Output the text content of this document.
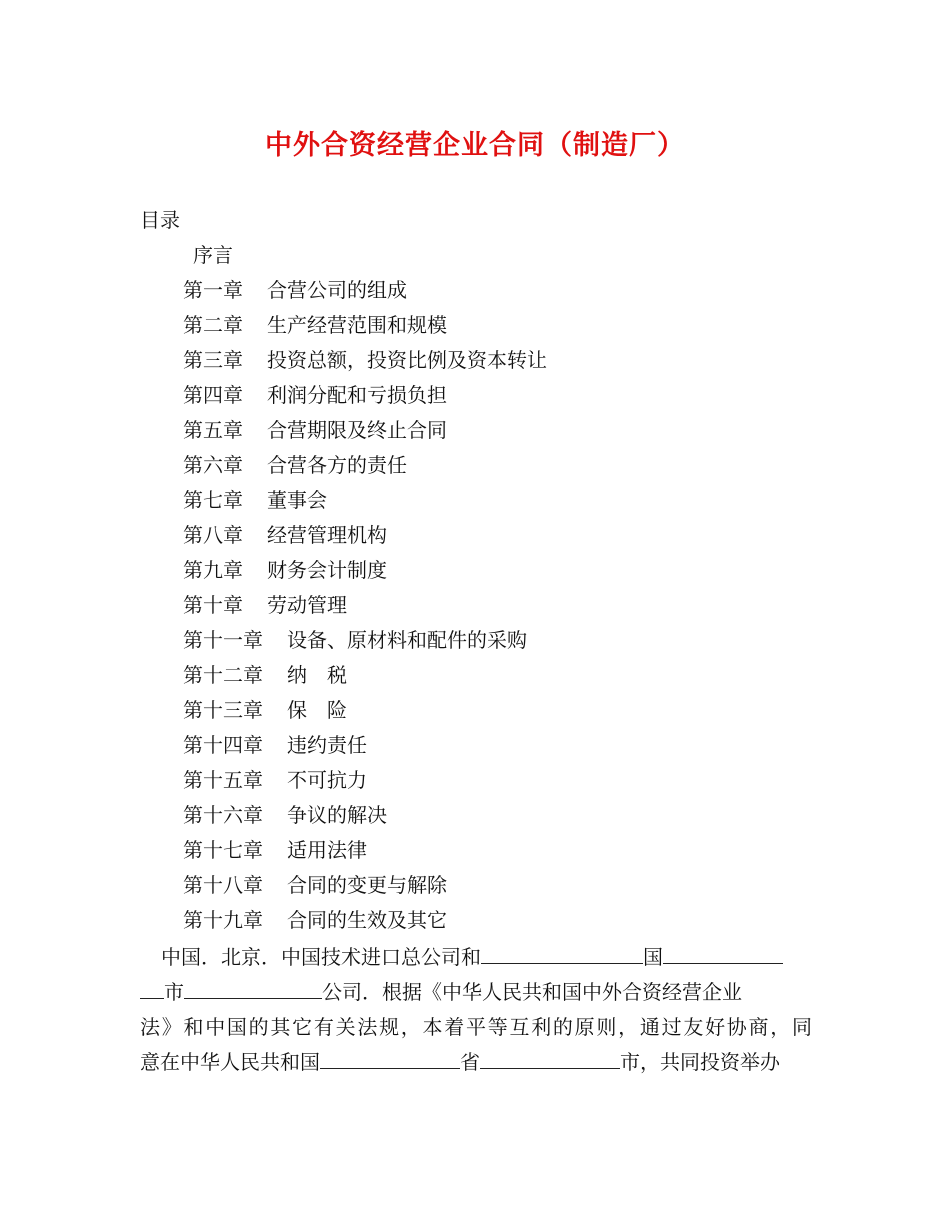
中外合资经营企业合同（制造厂）
目录
序言
第一章 合营公司的组成
第二章 生产经营范围和规模
第三章 投资总额，投资比例及资本转让
第四章 利润分配和亏损负担
第五章 合营期限及终止合同
第六章 合营各方的责任
第七章 董事会
第八章 经营管理机构
第九章 财务会计制度
第十章 劳动管理
第十一章 设备、原材料和配件的采购
第十二章 纳　税
第十三章 保　险
第十四章 违约责任
第十五章 不可抗力
第十六章 争议的解决
第十七章 适用法律
第十八章 合同的变更与解除
第十九章 合同的生效及其它
中国．北京．中国技术进口总公司和	国
市	公司．根据《中华人民共和国中外合资经营企业
法》和中国的其它有关法规，本着平等互利的原则，通过友好协商，同
意在中华人民共和国	省	市，共同投资举办
